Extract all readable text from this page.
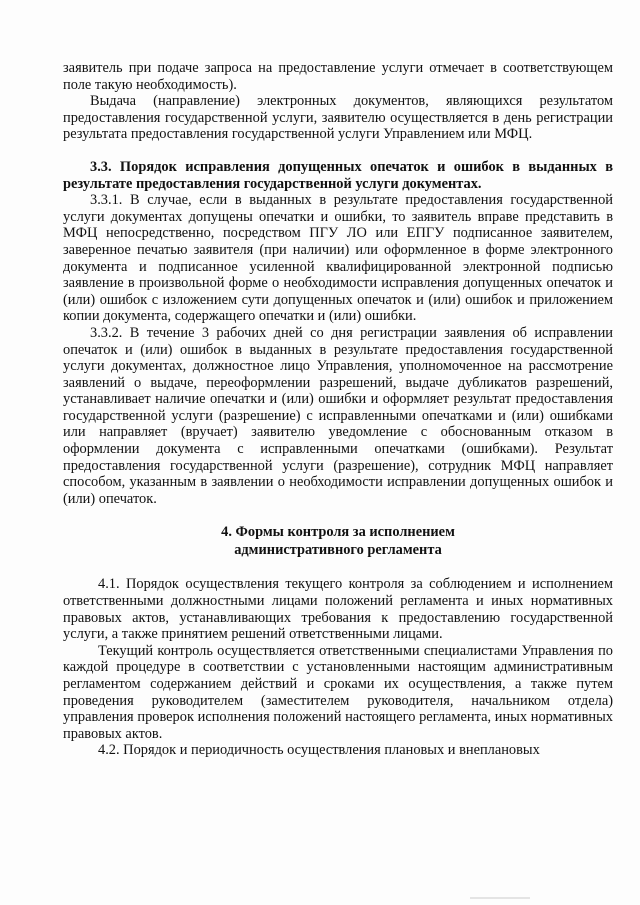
заявитель при подаче запроса на предоставление услуги отмечает в соответствующем поле такую необходимость).

Выдача (направление) электронных документов, являющихся результатом предоставления государственной услуги, заявителю осуществляется в день регистрации результата предоставления государственной услуги Управлением или МФЦ.

3.3. Порядок исправления допущенных опечаток и ошибок в выданных в результате предоставления государственной услуги документах.

3.3.1. В случае, если в выданных в результате предоставления государственной услуги документах допущены опечатки и ошибки, то заявитель вправе представить в МФЦ непосредственно, посредством ПГУ ЛО или ЕПГУ подписанное заявителем, заверенное печатью заявителя (при наличии) или оформленное в форме электронного документа и подписанное усиленной квалифицированной электронной подписью заявление в произвольной форме о необходимости исправления допущенных опечаток и (или) ошибок с изложением сути допущенных опечаток и (или) ошибок и приложением копии документа, содержащего опечатки и (или) ошибки.

3.3.2. В течение 3 рабочих дней со дня регистрации заявления об исправлении опечаток и (или) ошибок в выданных в результате предоставления государственной услуги документах, должностное лицо Управления, уполномоченное на рассмотрение заявлений о выдаче, переоформлении разрешений, выдаче дубликатов разрешений, устанавливает наличие опечатки и (или) ошибки и оформляет результат предоставления государственной услуги (разрешение) с исправленными опечатками и (или) ошибками или направляет (вручает) заявителю уведомление с обоснованным отказом в оформлении документа с исправленными опечатками (ошибками). Результат предоставления государственной услуги (разрешение), сотрудник МФЦ направляет способом, указанным в заявлении о необходимости исправлении допущенных ошибок и (или) опечаток.

4. Формы контроля за исполнением

административного регламента

4.1. Порядок осуществления текущего контроля за соблюдением и исполнением ответственными должностными лицами положений регламента и иных нормативных правовых актов, устанавливающих требования к предоставлению государственной услуги, а также принятием решений ответственными лицами.

Текущий контроль осуществляется ответственными специалистами Управления по каждой процедуре в соответствии с установленными настоящим административным регламентом содержанием действий и сроками их осуществления, а также путем проведения руководителем (заместителем руководителя, начальником отдела) управления проверок исполнения положений настоящего регламента, иных нормативных правовых актов.

4.2. Порядок и периодичность осуществления плановых и внеплановых
